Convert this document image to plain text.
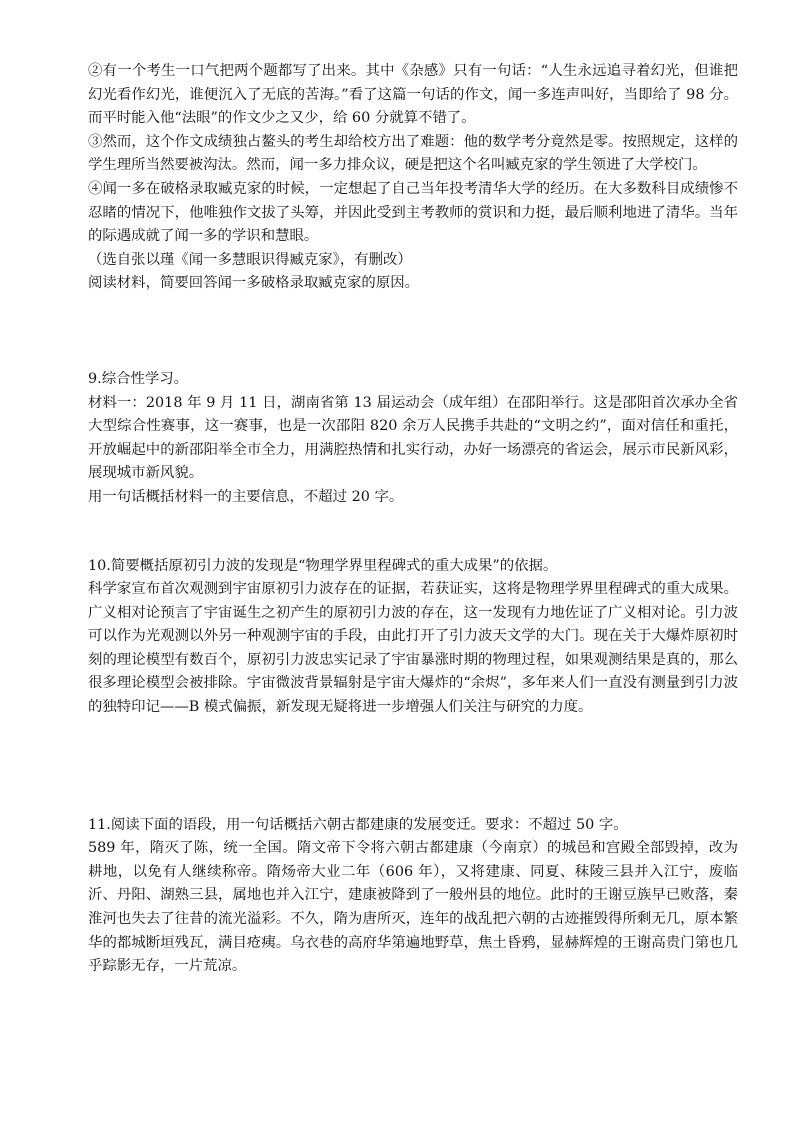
②有一个考生一口气把两个题都写了出来。其中《杂感》只有一句话：“人生永远追寻着幻光，但谁把幻光看作幻光，谁便沉入了无底的苦海。”看了这篇一句话的作文，闻一多连声叫好，当即给了 98 分。而平时能入他“法眼”的作文少之又少，给 60 分就算不错了。

③然而，这个作文成绩独占鳌头的考生却给校方出了难题：他的数学考分竟然是零。按照规定，这样的学生理所当然要被沟汰。然而，闻一多力排众议，硬是把这个名叫臧克家的学生领进了大学校门。

④闻一多在破格录取臧克家的时候，一定想起了自己当年投考清华大学的经历。在大多数科目成绩惨不忍睹的情况下，他唯独作文拔了头筹，并因此受到主考教师的赏识和力挺，最后顺利地进了清华。当年的际遇成就了闻一多的学识和慧眼。

（选自张以瑾《闻一多慧眼识得臧克家》，有删改）

阅读材料，简要回答闻一多破格录取臧克家的原因。

9.综合性学习。

材料一：2018 年 9 月 11 日，湖南省第 13 届运动会（成年组）在邵阳举行。这是邵阳首次承办全省大型综合性赛事，这一赛事，也是一次邵阳 820 余万人民携手共赴的“文明之约”，面对信任和重托，开放崛起中的新邵阳举全市全力，用满腔热情和扎实行动，办好一场漂亮的省运会，展示市民新风彩，展现城市新风貌。

用一句话概括材料一的主要信息，不超过 20 字。

10.简要概括原初引力波的发现是“物理学界里程碑式的重大成果”的依据。

科学家宣布首次观测到宇宙原初引力波存在的证据，若获证实，这将是物理学界里程碑式的重大成果。广义相对论预言了宇宙诞生之初产生的原初引力波的存在，这一发现有力地佐证了广义相对论。引力波可以作为光观测以外另一种观测宇宙的手段，由此打开了引力波天文学的大门。现在关于大爆炸原初时刻的理论模型有数百个，原初引力波忠实记录了宇宙暴涨时期的物理过程，如果观测结果是真的，那么很多理论模型会被排除。宇宙微波背景辐射是宇宙大爆炸的“余烬”，多年来人们一直没有测量到引力波的独特印记——B 模式偏振，新发现无疑将进一步增强人们关注与研究的力度。

11.阅读下面的语段，用一句话概括六朝古都建康的发展变迁。要求：不超过 50 字。

589 年，隋灭了陈，统一全国。隋文帝下令将六朝古都建康（今南京）的城邑和宫殿全部毁掉，改为耕地，以免有人继续称帝。隋炀帝大业二年（606 年），又将建康、同夏、秣陵三县并入江宁，废临沂、丹阳、湖熟三县，属地也并入江宁，建康被降到了一般州县的地位。此时的王谢豆族早已败落，秦淮河也失去了往昔的流光溢彩。不久，隋为唐所灭，连年的战乱把六朝的古迹摧毁得所剩无几，原本繁华的都城断垣残瓦，满目疮痍。乌衣巷的高府华第遍地野草，焦土昏鸦，显赫辉煌的王谢高贵门第也几乎踪影无存，一片荒凉。
